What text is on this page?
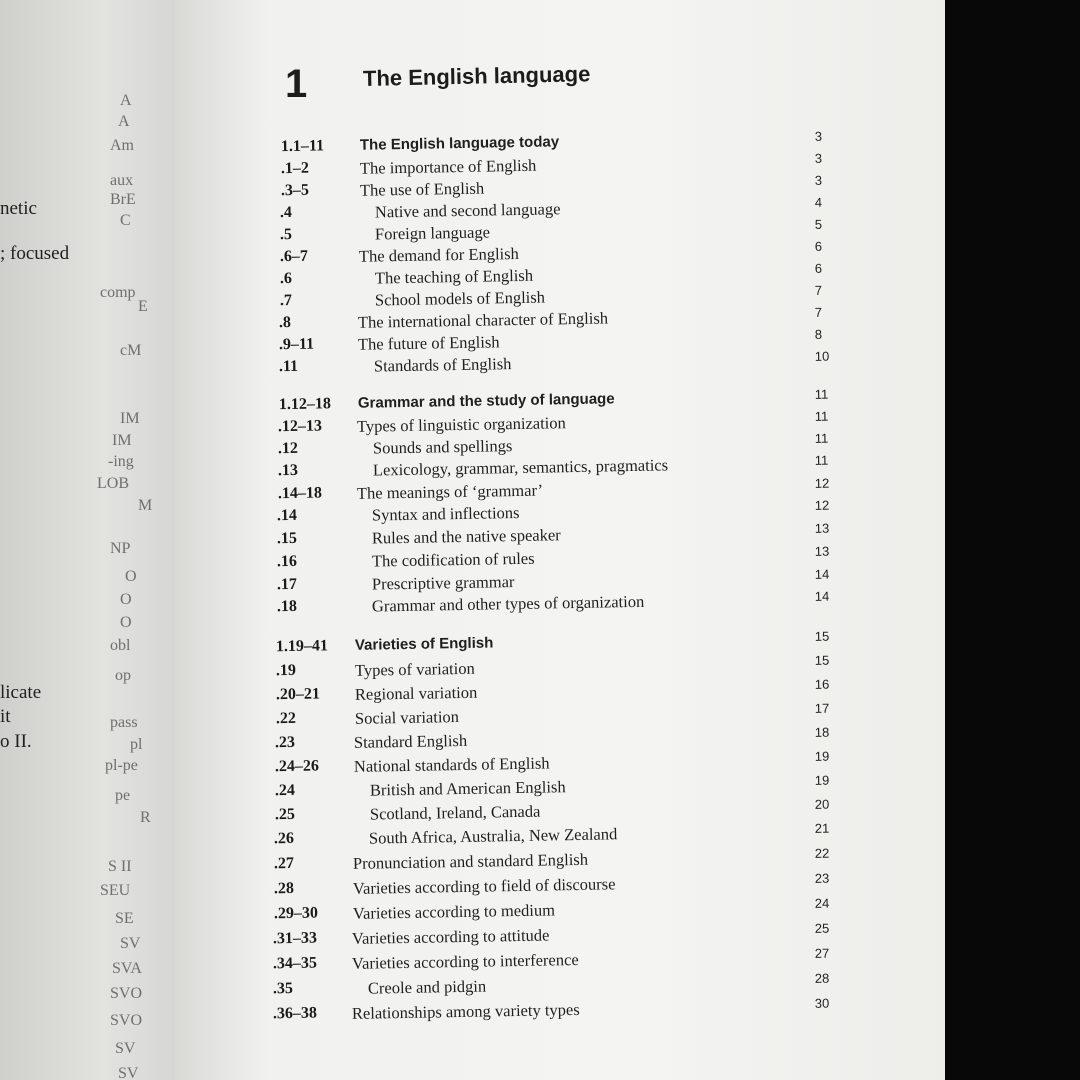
netic
; focused
licate
it
o II.
A
A
Am
aux
BrE
C
comp
E
cM
IM
IM
-ing
LOB
M
NP
O
O
O
obl
op
pass
pl
pl-pe
pe
R
S II
SEU
SE
SV
SVA
SVO
SVO
SV
SV
1	The English language
1.1–11 The English language today	3
.1–2	The importance of English	3
.3–5	The use of English	3
.4	Native and second language	4
.5	Foreign language	5
.6–7	The demand for English	6
.6	The teaching of English	6
.7	School models of English	7
.8	The international character of English	7
.9–11	The future of English	8
.11	Standards of English	10
1.12–18 Grammar and the study of language	11
.12–13 Types of linguistic organization	11
.12	Sounds and spellings	11
.13	Lexicology, grammar, semantics, pragmatics	11
.14–18 The meanings of ‘grammar’	12
.14	Syntax and inflections	12
.15	Rules and the native speaker	13
.16	The codification of rules	13
.17	Prescriptive grammar	14
.18	Grammar and other types of organization	14
1.19–41 Varieties of English	15
.19	Types of variation	15
.20–21 Regional variation	16
.22	Social variation	17
.23	Standard English	18
.24–26 National standards of English	19
.24	British and American English	19
.25	Scotland, Ireland, Canada	20
.26	South Africa, Australia, New Zealand	21
.27	Pronunciation and standard English	22
.28	Varieties according to field of discourse	23
.29–30 Varieties according to medium	24
.31–33 Varieties according to attitude	25
.34–35 Varieties according to interference	27
.35	Creole and pidgin	28
.36–38 Relationships among variety types	30
